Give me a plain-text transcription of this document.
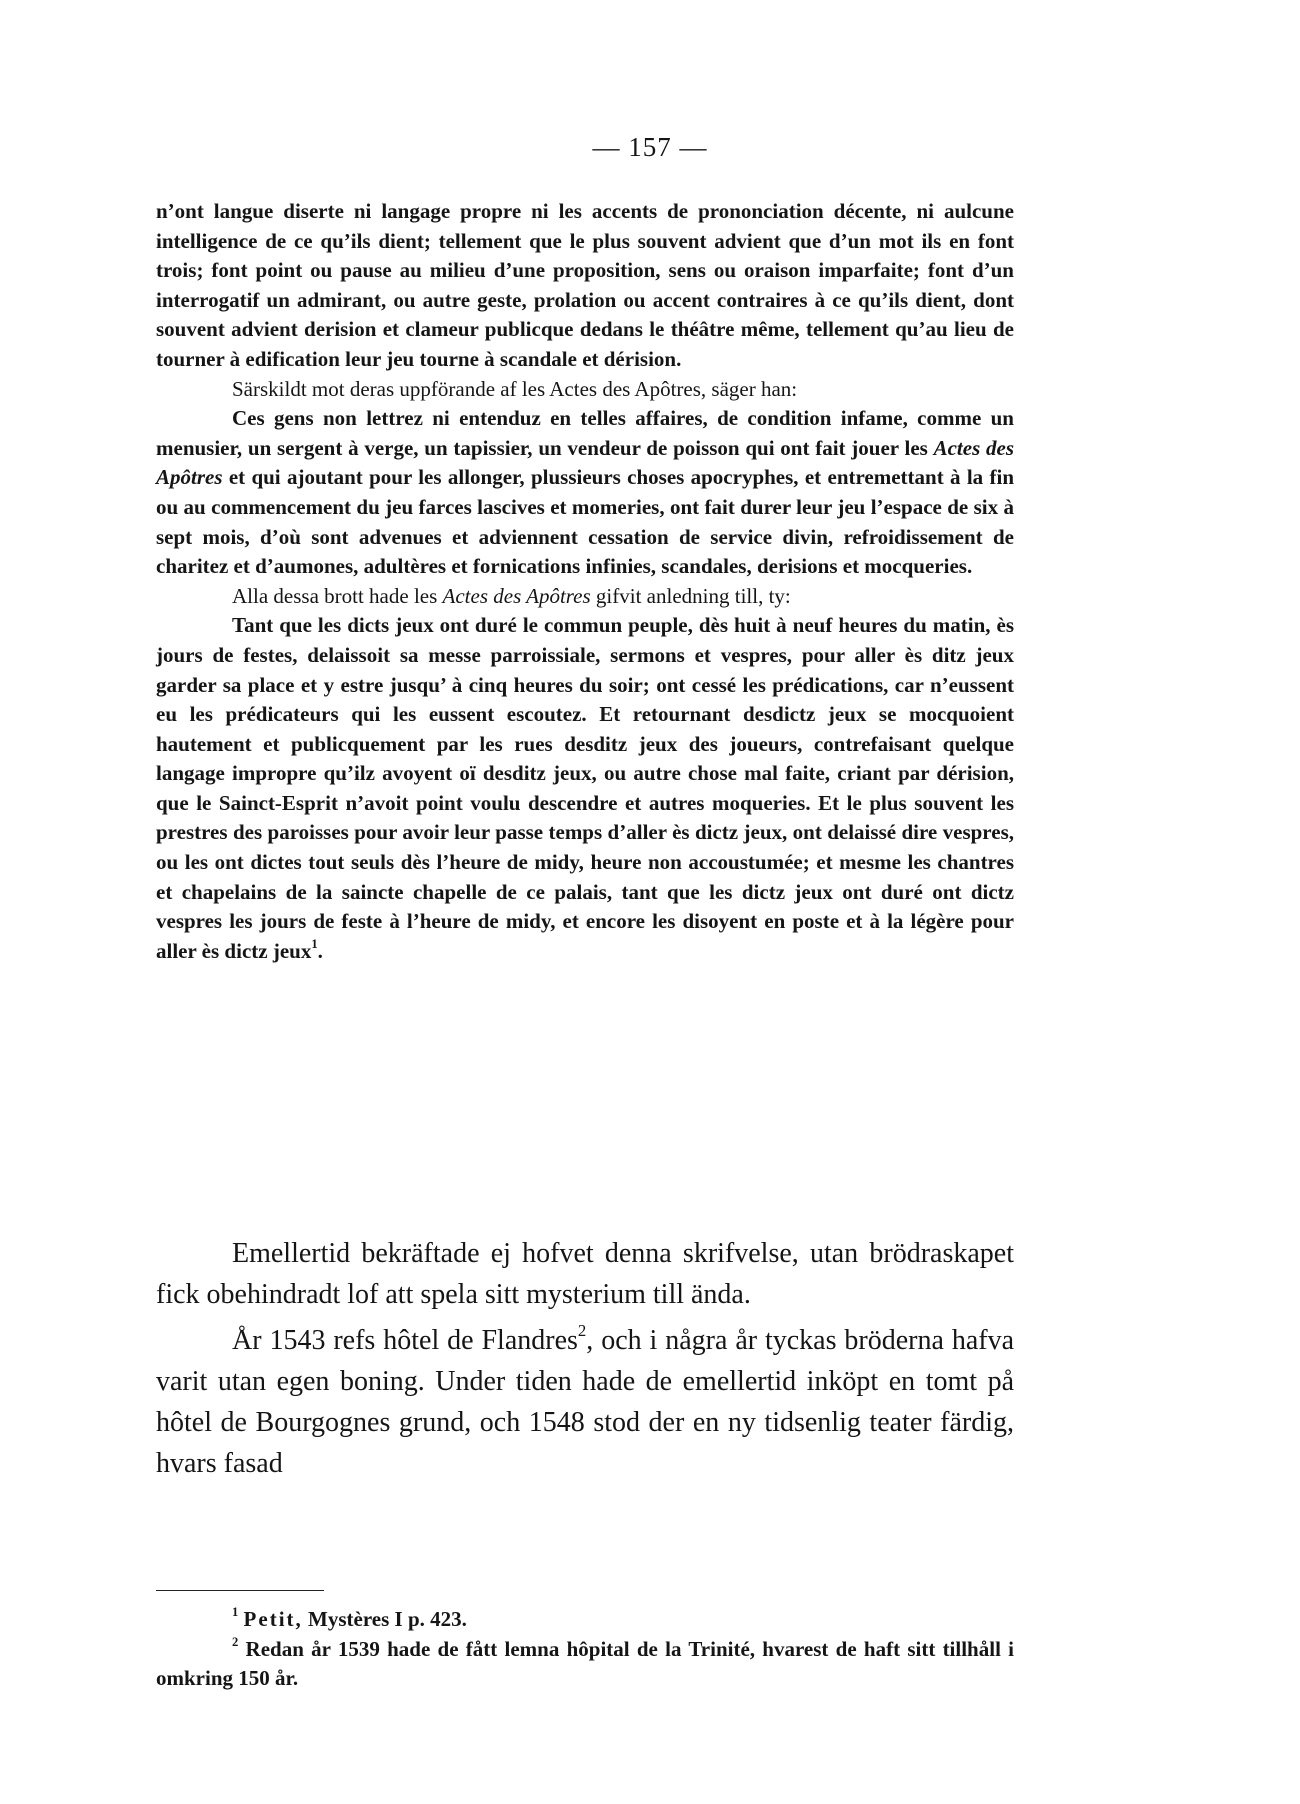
— 157 —

n’ont langue diserte ni langage propre ni les accents de prononciation décente, ni aulcune intelligence de ce qu’ils dient; tellement que le plus souvent advient que d’un mot ils en font trois; font point ou pause au milieu d’une proposition, sens ou oraison imparfaite; font d’un interrogatif un admirant, ou autre geste, prolation ou accent contraires à ce qu’ils dient, dont souvent advient derision et clameur publicque dedans le théâtre même, tellement qu’au lieu de tourner à edification leur jeu tourne à scandale et dérision.

Särskildt mot deras uppförande af les Actes des Apôtres, säger han:

Ces gens non lettrez ni entenduz en telles affaires, de condition infame, comme un menusier, un sergent à verge, un tapissier, un vendeur de poisson qui ont fait jouer les Actes des Apôtres et qui ajoutant pour les allonger, plussieurs choses apocryphes, et entremettant à la fin ou au commencement du jeu farces lascives et momeries, ont fait durer leur jeu l’espace de six à sept mois, d’où sont advenues et adviennent cessation de service divin, refroidissement de charitez et d’aumones, adultères et fornications infinies, scandales, derisions et mocqueries.

Alla dessa brott hade les Actes des Apôtres gifvit anledning till, ty:

Tant que les dicts jeux ont duré le commun peuple, dès huit à neuf heures du matin, ès jours de festes, delaissoit sa messe parroissiale, sermons et vespres, pour aller ès ditz jeux garder sa place et y estre jusqu’ à cinq heures du soir; ont cessé les prédications, car n’eussent eu les prédicateurs qui les eussent escoutez. Et retournant desdictz jeux se mocquoient hautement et publicquement par les rues desditz jeux des joueurs, contrefaisant quelque langage impropre qu’ilz avoyent oï desditz jeux, ou autre chose mal faite, criant par dérision, que le Sainct-Esprit n’avoit point voulu descendre et autres moqueries. Et le plus souvent les prestres des paroisses pour avoir leur passe temps d’aller ès dictz jeux, ont delaissé dire vespres, ou les ont dictes tout seuls dès l’heure de midy, heure non accoustumée; et mesme les chantres et chapelains de la saincte chapelle de ce palais, tant que les dictz jeux ont duré ont dictz vespres les jours de feste à l’heure de midy, et encore les disoyent en poste et à la légère pour aller ès dictz jeux$^1$.

Emellertid bekräftade ej hofvet denna skrifvelse, utan brödraskapet fick obehindradt lof att spela sitt mysterium till ända.

År 1543 refs hôtel de Flandres$^2$, och i några år tyckas bröderna hafva varit utan egen boning. Under tiden hade de emellertid inköpt en tomt på hôtel de Bourgognes grund, och 1548 stod der en ny tidsenlig teater färdig, hvars fasad

$^1$ Petit, Mystères I p. 423.

$^2$ Redan år 1539 hade de fått lemna hôpital de la Trinité, hvarest de haft sitt tillhåll i omkring 150 år.
